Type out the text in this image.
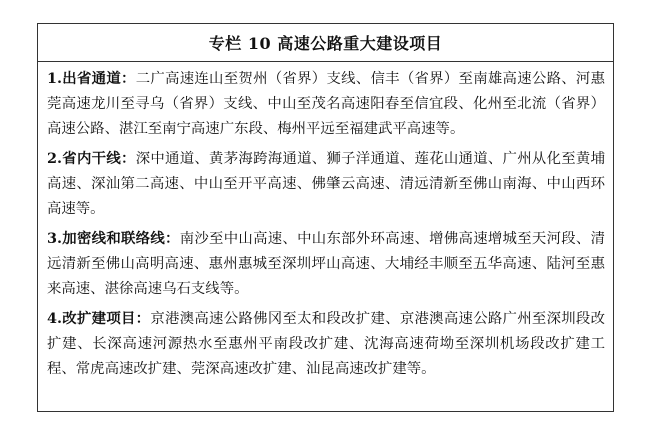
专栏 10 高速公路重大建设项目

1.出省通道：二广高速连山至贺州（省界）支线、信丰（省界）至南雄高速公路、河惠莞高速龙川至寻乌（省界）支线、中山至茂名高速阳春至信宜段、化州至北流（省界）高速公路、湛江至南宁高速广东段、梅州平远至福建武平高速等。

2.省内干线：深中通道、黄茅海跨海通道、狮子洋通道、莲花山通道、广州从化至黄埔高速、深汕第二高速、中山至开平高速、佛肇云高速、清远清新至佛山南海、中山西环高速等。

3.加密线和联络线：南沙至中山高速、中山东部外环高速、增佛高速增城至天河段、清远清新至佛山高明高速、惠州惠城至深圳坪山高速、大埔经丰顺至五华高速、陆河至惠来高速、湛徐高速乌石支线等。

4.改扩建项目：京港澳高速公路佛冈至太和段改扩建、京港澳高速公路广州至深圳段改扩建、长深高速河源热水至惠州平南段改扩建、沈海高速荷坳至深圳机场段改扩建工程、常虎高速改扩建、莞深高速改扩建、汕昆高速改扩建等。
